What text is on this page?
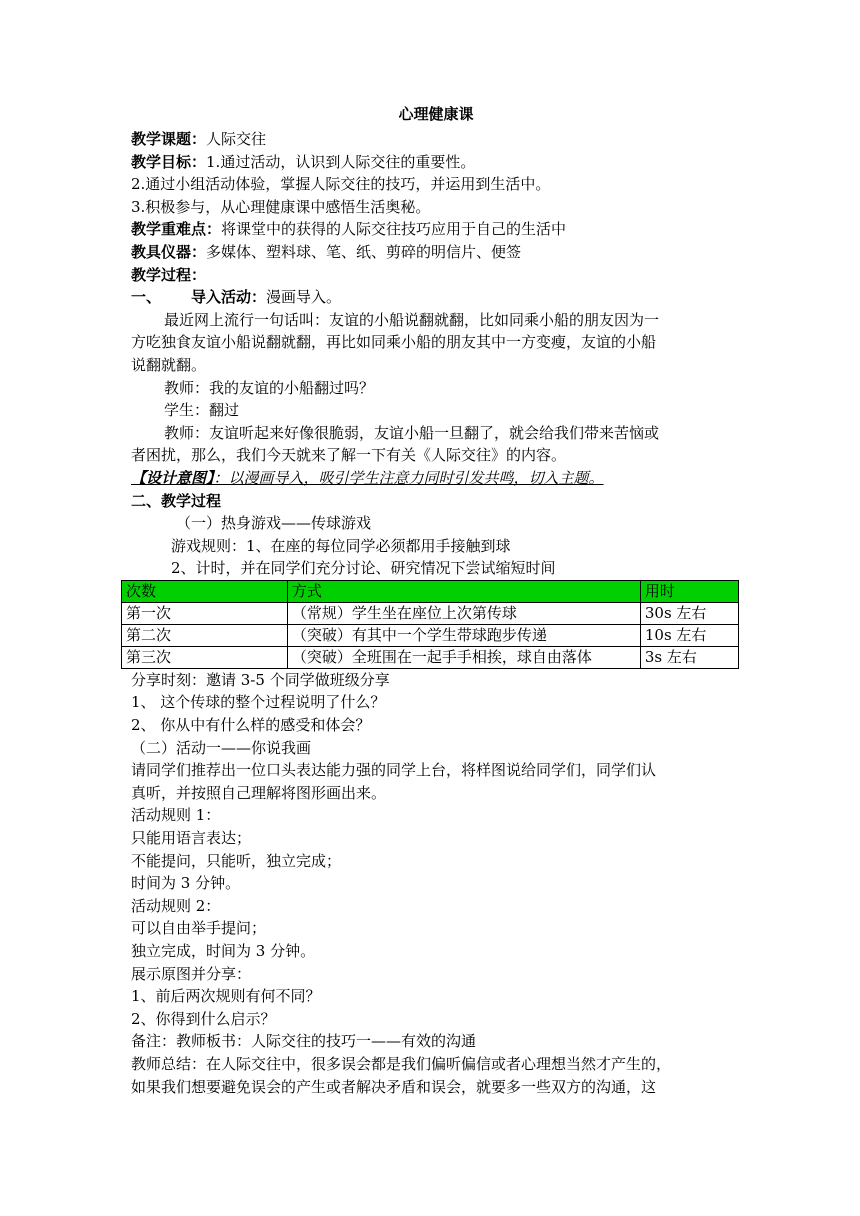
心理健康课
教学课题：人际交往
教学目标：1.通过活动，认识到人际交往的重要性。
2.通过小组活动体验，掌握人际交往的技巧，并运用到生活中。
3.积极参与，从心理健康课中感悟生活奥秘。
教学重难点：将课堂中的获得的人际交往技巧应用于自己的生活中
教具仪器：多媒体、塑料球、笔、纸、剪碎的明信片、便签
教学过程：
一、 导入活动：漫画导入。
最近网上流行一句话叫：友谊的小船说翻就翻，比如同乘小船的朋友因为一
方吃独食友谊小船说翻就翻，再比如同乘小船的朋友其中一方变瘦，友谊的小船
说翻就翻。
教师：我的友谊的小船翻过吗？
学生：翻过
教师：友谊听起来好像很脆弱，友谊小船一旦翻了，就会给我们带来苦恼或
者困扰，那么，我们今天就来了解一下有关《人际交往》的内容。
【设计意图】：以漫画导入，吸引学生注意力同时引发共鸣，切入主题。
二、教学过程
（一）热身游戏——传球游戏
游戏规则：1、在座的每位同学必须都用手接触到球
2、计时，并在同学们充分讨论、研究情况下尝试缩短时间
次数	方式	用时
第一次	（常规）学生坐在座位上次第传球	30s 左右
第二次	（突破）有其中一个学生带球跑步传递	10s 左右
第三次	（突破）全班围在一起手手相挨，球自由落体	3s 左右
分享时刻：邀请 3-5 个同学做班级分享
1、 这个传球的整个过程说明了什么？
2、 你从中有什么样的感受和体会？
（二）活动一——你说我画
请同学们推荐出一位口头表达能力强的同学上台，将样图说给同学们，同学们认
真听，并按照自己理解将图形画出来。
活动规则 1：
只能用语言表达；
不能提问，只能听，独立完成；
时间为 3 分钟。
活动规则 2：
可以自由举手提问；
独立完成，时间为 3 分钟。
展示原图并分享：
1、前后两次规则有何不同？
2、你得到什么启示？
备注：教师板书：人际交往的技巧一——有效的沟通
教师总结：在人际交往中，很多误会都是我们偏听偏信或者心理想当然才产生的，
如果我们想要避免误会的产生或者解决矛盾和误会，就要多一些双方的沟通，这
